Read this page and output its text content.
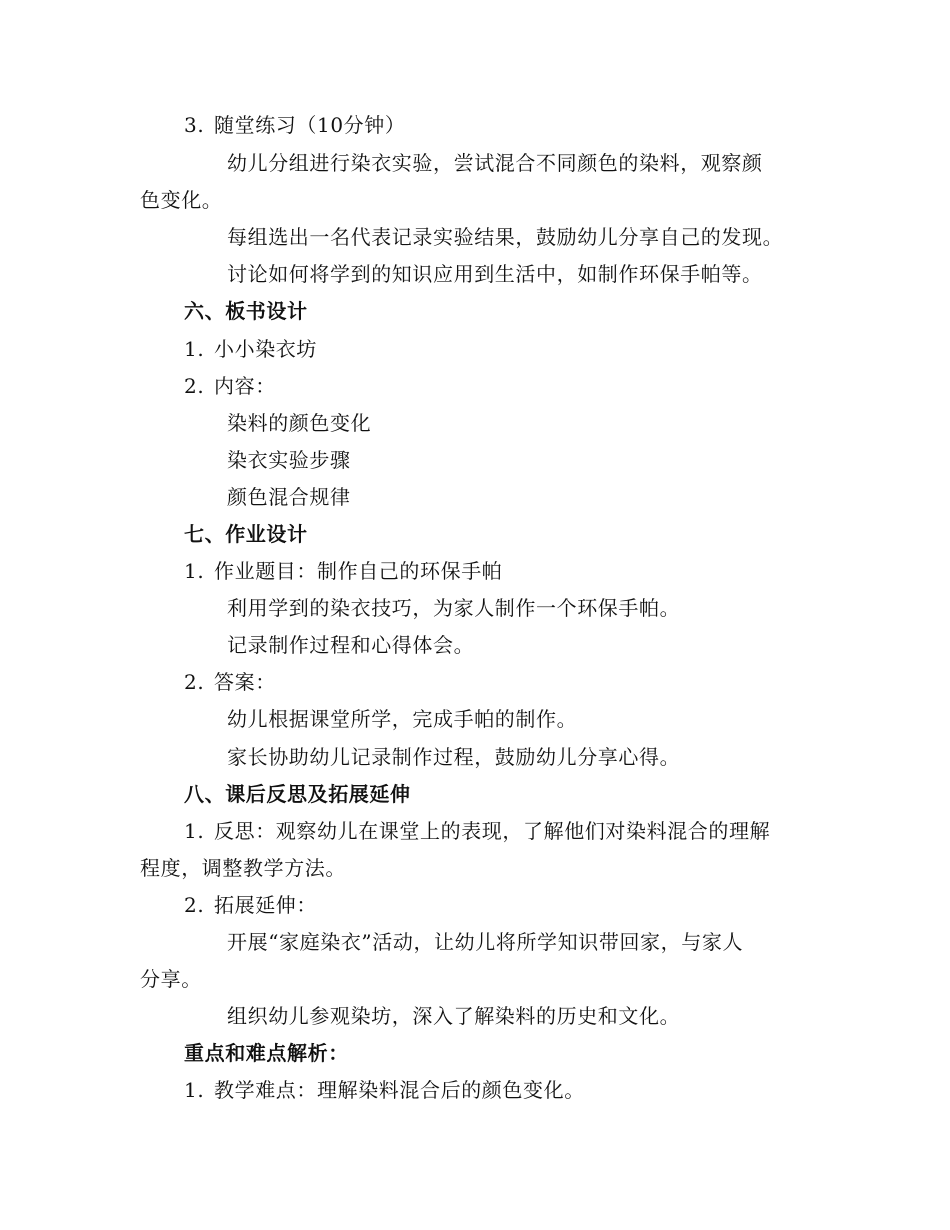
3. 随堂练习（10分钟）
幼儿分组进行染衣实验，尝试混合不同颜色的染料，观察颜
色变化。
每组选出一名代表记录实验结果，鼓励幼儿分享自己的发现。
讨论如何将学到的知识应用到生活中，如制作环保手帕等。
六、板书设计
1. 小小染衣坊
2. 内容：
染料的颜色变化
染衣实验步骤
颜色混合规律
七、作业设计
1. 作业题目：制作自己的环保手帕
利用学到的染衣技巧，为家人制作一个环保手帕。
记录制作过程和心得体会。
2. 答案：
幼儿根据课堂所学，完成手帕的制作。
家长协助幼儿记录制作过程，鼓励幼儿分享心得。
八、课后反思及拓展延伸
1. 反思：观察幼儿在课堂上的表现，了解他们对染料混合的理解
程度，调整教学方法。
2. 拓展延伸：
开展“家庭染衣”活动，让幼儿将所学知识带回家，与家人
分享。
组织幼儿参观染坊，深入了解染料的历史和文化。
重点和难点解析：
1. 教学难点：理解染料混合后的颜色变化。
